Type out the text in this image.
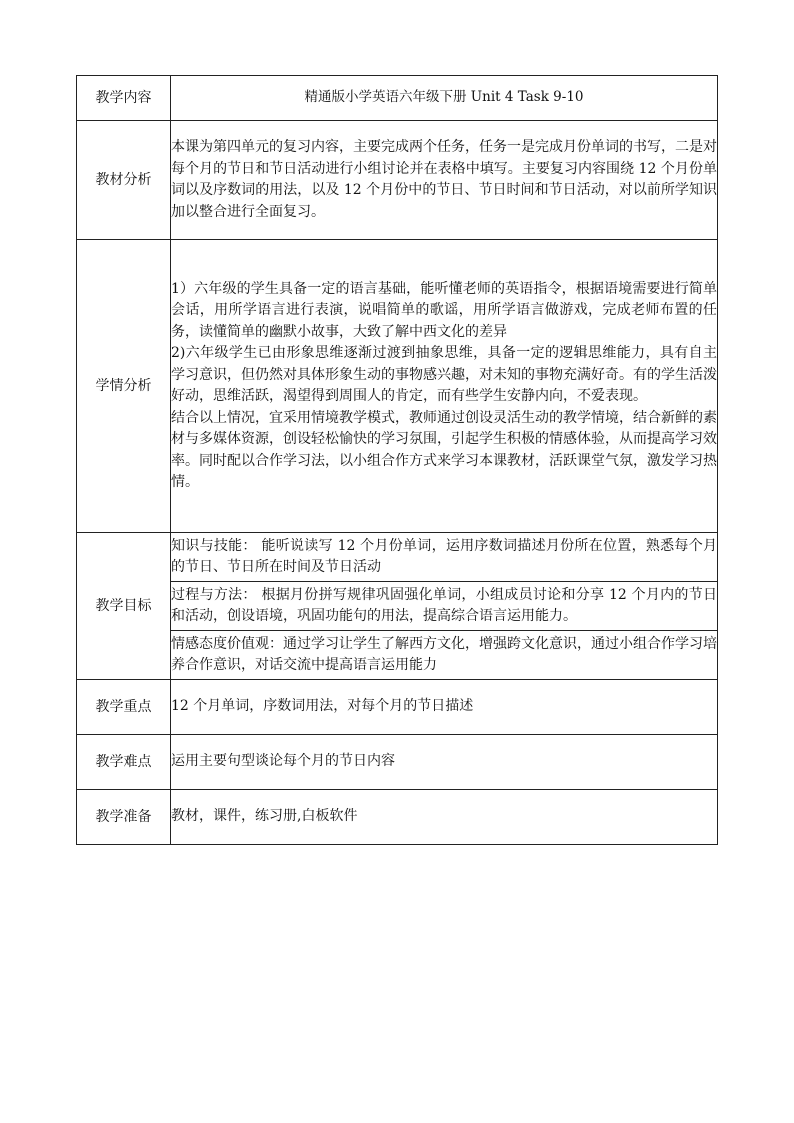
教学内容	精通版小学英语六年级下册 Unit 4 Task 9-10
教材分析	本课为第四单元的复习内容，主要完成两个任务，任务一是完成月份单词的书写，二是对每个月的节日和节日活动进行小组讨论并在表格中填写。主要复习内容围绕 12 个月份单词以及序数词的用法，以及 12 个月份中的节日、节日时间和节日活动，对以前所学知识加以整合进行全面复习。
学情分析	1）六年级的学生具备一定的语言基础，能听懂老师的英语指令，根据语境需要进行简单会话，用所学语言进行表演，说唱简单的歌谣，用所学语言做游戏，完成老师布置的任务，读懂简单的幽默小故事，大致了解中西文化的差异
2)六年级学生已由形象思维逐渐过渡到抽象思维，具备一定的逻辑思维能力，具有自主学习意识，但仍然对具体形象生动的事物感兴趣，对未知的事物充满好奇。有的学生活泼好动，思维活跃，渴望得到周围人的肯定，而有些学生安静内向，不爱表现。
结合以上情况，宜采用情境教学模式，教师通过创设灵活生动的教学情境，结合新鲜的素材与多媒体资源，创设轻松愉快的学习氛围，引起学生积极的情感体验，从而提高学习效率。同时配以合作学习法，以小组合作方式来学习本课教材，活跃课堂气氛，激发学习热情。

教学目标	知识与技能： 能听说读写 12 个月份单词，运用序数词描述月份所在位置，熟悉每个月的节日、节日所在时间及节日活动
	过程与方法： 根据月份拼写规律巩固强化单词，小组成员讨论和分享 12 个月内的节日和活动，创设语境，巩固功能句的用法，提高综合语言运用能力。
	情感态度价值观：通过学习让学生了解西方文化，增强跨文化意识，通过小组合作学习培养合作意识，对话交流中提高语言运用能力
教学重点	12 个月单词，序数词用法，对每个月的节日描述
教学难点	运用主要句型谈论每个月的节日内容
教学准备	教材，课件，练习册,白板软件
